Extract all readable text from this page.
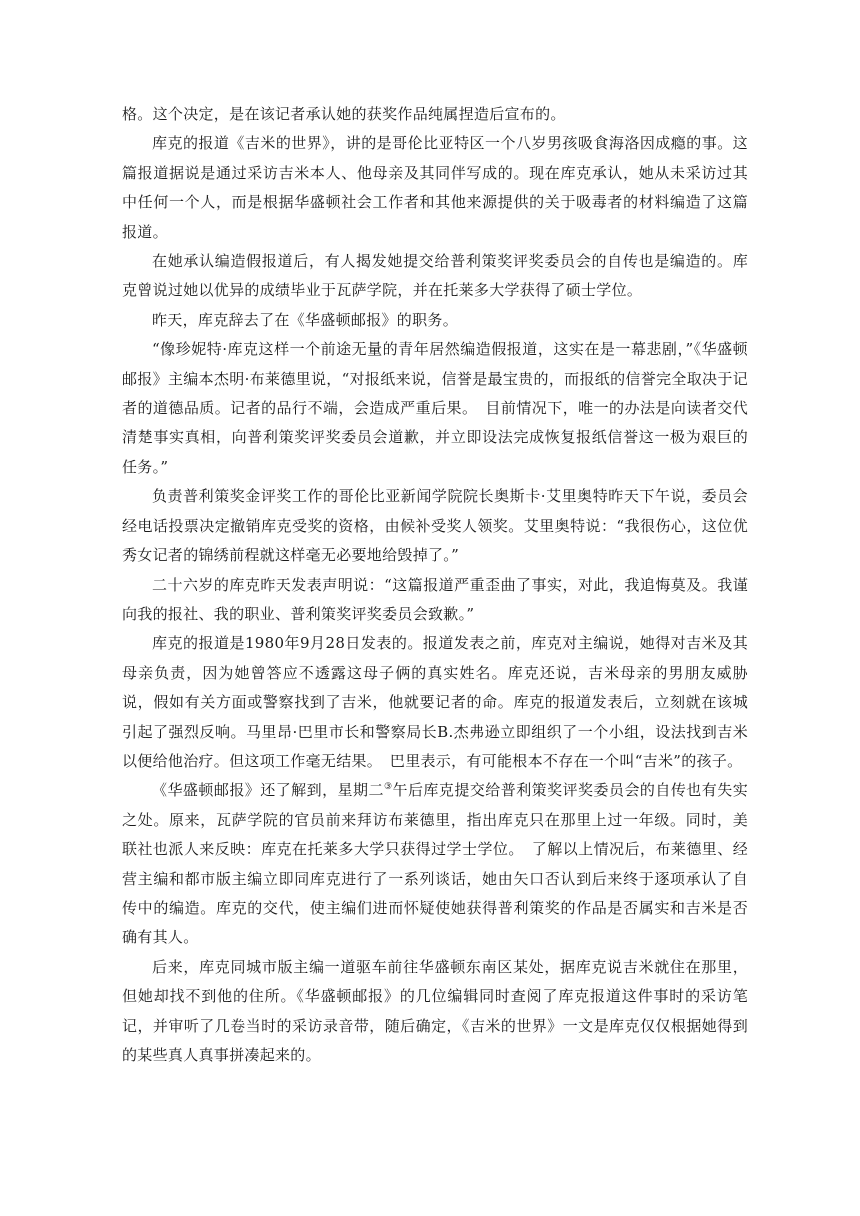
格。这个决定，是在该记者承认她的获奖作品纯属捏造后宣布的。

库克的报道《吉米的世界》，讲的是哥伦比亚特区一个八岁男孩吸食海洛因成瘾的事。这篇报道据说是通过采访吉米本人、他母亲及其同伴写成的。现在库克承认，她从未采访过其中任何一个人，而是根据华盛顿社会工作者和其他来源提供的关于吸毒者的材料编造了这篇报道。

在她承认编造假报道后，有人揭发她提交给普利策奖评奖委员会的自传也是编造的。库克曾说过她以优异的成绩毕业于瓦萨学院，并在托莱多大学获得了硕士学位。

昨天，库克辞去了在《华盛顿邮报》的职务。

“像珍妮特·库克这样一个前途无量的青年居然编造假报道，这实在是一幕悲剧，”《华盛顿邮报》主编本杰明·布莱德里说，“对报纸来说，信誉是最宝贵的，而报纸的信誉完全取决于记者的道德品质。记者的品行不端，会造成严重后果。　目前情况下，唯一的办法是向读者交代清楚事实真相，向普利策奖评奖委员会道歉，并立即设法完成恢复报纸信誉这一极为艰巨的任务。”

负责普利策奖金评奖工作的哥伦比亚新闻学院院长奥斯卡·艾里奥特昨天下午说，委员会经电话投票决定撤销库克受奖的资格，由候补受奖人领奖。艾里奥特说：“我很伤心，这位优秀女记者的锦绣前程就这样毫无必要地给毁掉了。”

二十六岁的库克昨天发表声明说：“这篇报道严重歪曲了事实，对此，我追悔莫及。我谨向我的报社、我的职业、普利策奖评奖委员会致歉。”

库克的报道是1980年9月28日发表的。报道发表之前，库克对主编说，她得对吉米及其母亲负责，因为她曾答应不透露这母子俩的真实姓名。库克还说，吉米母亲的男朋友威胁说，假如有关方面或警察找到了吉米，他就要记者的命。库克的报道发表后，立刻就在该城引起了强烈反响。马里昂·巴里市长和警察局长B.杰弗逊立即组织了一个小组，设法找到吉米以便给他治疗。但这项工作毫无结果。　巴里表示，有可能根本不存在一个叫“吉米”的孩子。

《华盛顿邮报》还了解到，星期二③午后库克提交给普利策奖评奖委员会的自传也有失实之处。原来，瓦萨学院的官员前来拜访布莱德里，指出库克只在那里上过一年级。同时，美联社也派人来反映：库克在托莱多大学只获得过学士学位。　了解以上情况后，布莱德里、经营主编和都市版主编立即同库克进行了一系列谈话，她由矢口否认到后来终于逐项承认了自传中的编造。库克的交代，使主编们进而怀疑使她获得普利策奖的作品是否属实和吉米是否确有其人。

后来，库克同城市版主编一道驱车前往华盛顿东南区某处，据库克说吉米就住在那里，但她却找不到他的住所。《华盛顿邮报》的几位编辑同时查阅了库克报道这件事时的采访笔记，并审听了几卷当时的采访录音带，随后确定，《吉米的世界》一文是库克仅仅根据她得到的某些真人真事拼凑起来的。
